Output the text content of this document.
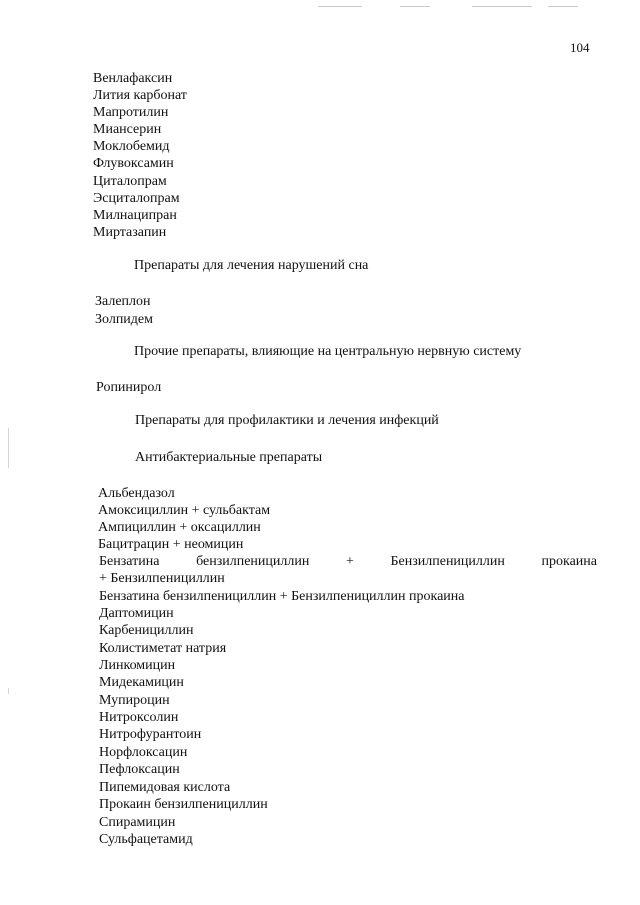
104
Венлафаксин
Лития карбонат
Мапротилин
Миансерин
Моклобемид
Флувоксамин
Циталопрам
Эсциталопрам
Милнаципран
Миртазапин
Препараты для лечения нарушений сна
Залеплон
Золпидем
Прочие препараты, влияющие на центральную нервную систему
Ропинирол
Препараты для профилактики и лечения инфекций
Антибактериальные препараты
Альбендазол
Амоксициллин + сульбактам
Ампициллин + оксациллин
Бацитрацин + неомицин
Бензатина	бензилпенициллин	+	Бензилпенициллин	прокаина
+ Бензилпенициллин
Бензатина бензилпенициллин + Бензилпенициллин прокаина
Даптомицин
Карбенициллин
Колистиметат натрия
Линкомицин
Мидекамицин
Мупироцин
Нитроксолин
Нитрофурантоин
Норфлоксацин
Пефлоксацин
Пипемидовая кислота
Прокаин бензилпенициллин
Спирамицин
Сульфацетамид
